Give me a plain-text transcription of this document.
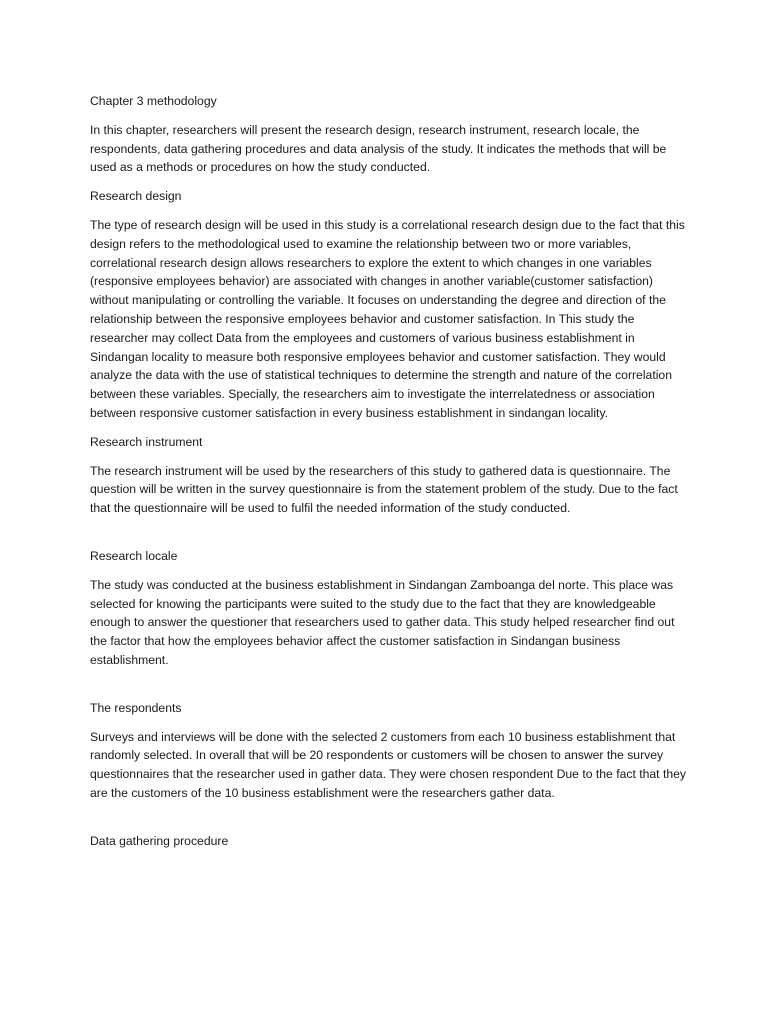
Chapter 3 methodology

In this chapter, researchers will present the research design, research instrument, research locale, the respondents, data gathering procedures and data analysis of the study. It indicates the methods that will be used as a methods or procedures on how the study conducted.

Research design

The type of research design will be used in this study is a correlational research design due to the fact that this design refers to the methodological used to examine the relationship between two or more variables, correlational research design allows researchers to explore the extent to which changes in one variables (responsive employees behavior) are associated with changes in another variable(customer satisfaction) without manipulating or controlling the variable. It focuses on understanding the degree and direction of the relationship between the responsive employees behavior and customer satisfaction. In This study the researcher may collect Data from the employees and customers of various business establishment in Sindangan locality to measure both responsive employees behavior and customer satisfaction. They would analyze the data with the use of statistical techniques to determine the strength and nature of the correlation between these variables. Specially, the researchers aim to investigate the interrelatedness or association between responsive customer satisfaction in every business establishment in sindangan locality.

Research instrument

The research instrument will be used by the researchers of this study to gathered data is questionnaire. The question will be written in the survey questionnaire is from the statement problem of the study. Due to the fact that the questionnaire will be used to fulfil the needed information of the study conducted.

Research locale

The study was conducted at the business establishment in Sindangan Zamboanga del norte. This place was selected for knowing the participants were suited to the study due to the fact that they are knowledgeable enough to answer the questioner that researchers used to gather data. This study helped researcher find out the factor that how the employees behavior affect the customer satisfaction in Sindangan business establishment.

The respondents

Surveys and interviews will be done with the selected 2 customers from each 10 business establishment that randomly selected. In overall that will be 20 respondents or customers will be chosen to answer the survey questionnaires that the researcher used in gather data. They were chosen respondent Due to the fact that they are the customers of the 10 business establishment were the researchers gather data.

Data gathering procedure
